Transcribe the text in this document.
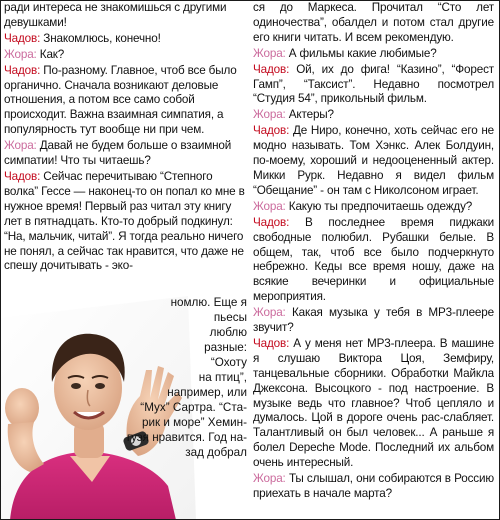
ради интереса не знакомишься с другими девушками!

Чадов: Знакомлюсь, конечно!

Жора: Как?

Чадов: По-разному. Главное, чтоб все было органично. Сначала возникают деловые отношения, а потом все само собой происходит. Важна взаимная симпатия, а популярность тут вообще ни при чем.

Жора: Давай не будем больше о взаимной симпатии! Что ты читаешь?

Чадов: Сейчас перечитываю “Степного волка” Гессе — наконец-то он попал ко мне в нужное время! Первый раз читал эту книгу лет в пятнадцать. Кто-то добрый подкинул: “На, мальчик, читай”. Я тогда реально ничего не понял, а сейчас так нравится, что даже не спешу дочитывать - эко-

номлю. Еще я
пьесы
люблю
разные:
“Охоту
на птиц”,
например, или
“Мух” Сартра. “Ста-
рик и море” Хемин-
гуэя нравится. Год на-
зад добрал

ся до Маркеса. Прочитал “Сто лет одиночества”, обалдел и потом стал другие его книги читать. И всем рекомендую.

Жора: А фильмы какие любимые?

Чадов: Ой, их до фига! “Казино”, “Форест Гамп”, “Таксист”. Недавно посмотрел “Студия 54”, прикольный фильм.

Жора: Актеры?

Чадов: Де Ниро, конечно, хоть сейчас его не модно называть. Том Хэнкс. Алек Болдуин, по-моему, хороший и недооцененный актер. Микки Рурк. Недавно я видел фильм “Обещание” - он там с Николсоном играет.

Жора: Какую ты предпочитаешь одежду?

Чадов: В последнее время пиджаки свободные полюбил. Рубашки белые. В общем, так, чтоб все было подчеркнуто небрежно. Кеды все время ношу, даже на всякие вечеринки и официальные мероприятия.

Жора: Какая музыка у тебя в МР3-плеере звучит?

Чадов: А у меня нет МР3-плеера. В машине я слушаю Виктора Цоя, Земфиру, танцевальные сборники. Обработки Майкла Джексона. Высоцкого - под настроение. В музыке ведь что главное? Чтоб цепляло и думалось. Цой в дороге очень рас-слабляет. Талантливый он был человек... А раньше я болел Depeche Mode. Последний их альбом очень интересный.

Жора: Ты слышал, они собираются в Россию приехать в начале марта?
